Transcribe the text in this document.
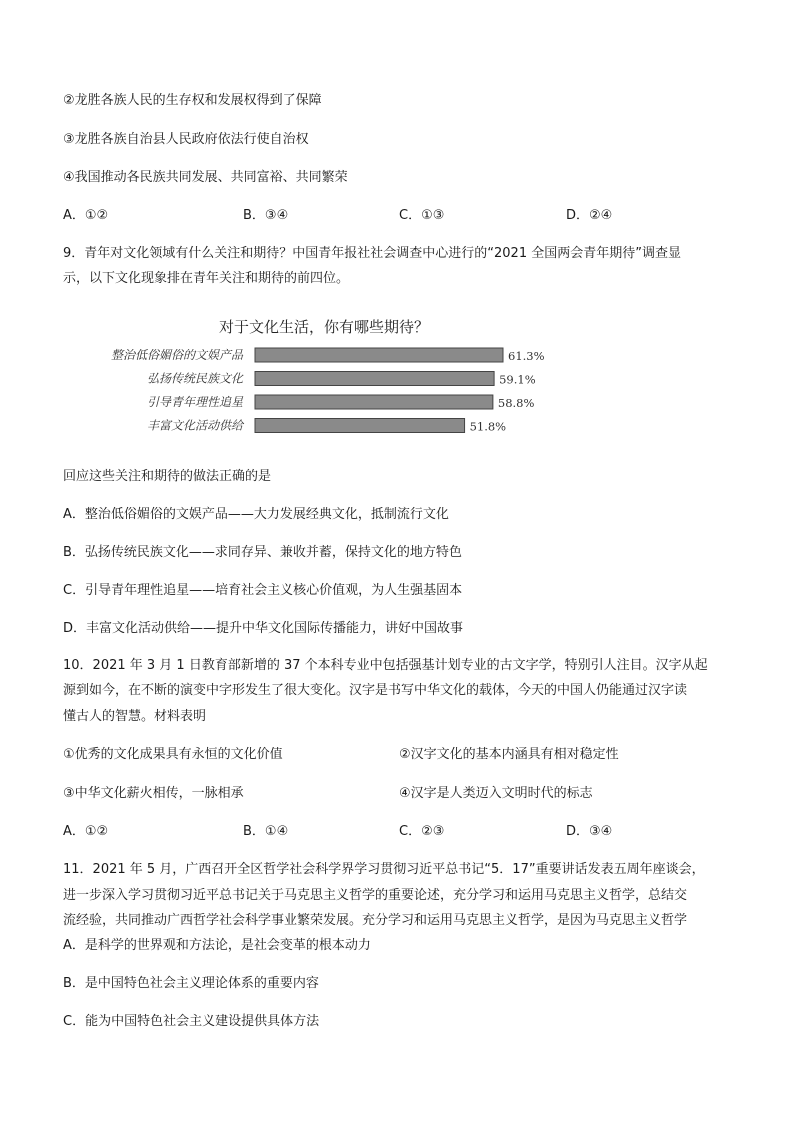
②龙胜各族人民的生存权和发展权得到了保障
③龙胜各族自治县人民政府依法行使自治权
④我国推动各民族共同发展、共同富裕、共同繁荣
A．①②	B．③④	C．①③	D．②④
9．青年对文化领域有什么关注和期待？中国青年报社社会调查中心进行的“2021 全国两会青年期待”调查显
示，以下文化现象排在青年关注和期待的前四位。
对于文化生活，你有哪些期待？
整治低俗媚俗的文娱产品	61.3%
弘扬传统民族文化	59.1%
引导青年理性追星	58.8%
丰富文化活动供给	51.8%
回应这些关注和期待的做法正确的是
A．整治低俗媚俗的文娱产品——大力发展经典文化，抵制流行文化
B．弘扬传统民族文化——求同存异、兼收并蓄，保持文化的地方特色
C．引导青年理性追星——培育社会主义核心价值观，为人生强基固本
D．丰富文化活动供给——提升中华文化国际传播能力，讲好中国故事
10．2021 年 3 月 1 日教育部新增的 37 个本科专业中包括强基计划专业的古文字学，特别引人注目。汉字从起
源到如今，在不断的演变中字形发生了很大变化。汉字是书写中华文化的载体，今天的中国人仍能通过汉字读
懂古人的智慧。材料表明
①优秀的文化成果具有永恒的文化价值	②汉字文化的基本内涵具有相对稳定性
③中华文化薪火相传，一脉相承	④汉字是人类迈入文明时代的标志
A．①②	B．①④	C．②③	D．③④
11．2021 年 5 月，广西召开全区哲学社会科学界学习贯彻习近平总书记“5．17”重要讲话发表五周年座谈会，
进一步深入学习贯彻习近平总书记关于马克思主义哲学的重要论述，充分学习和运用马克思主义哲学，总结交
流经验，共同推动广西哲学社会科学事业繁荣发展。充分学习和运用马克思主义哲学，是因为马克思主义哲学
A．是科学的世界观和方法论，是社会变革的根本动力
B．是中国特色社会主义理论体系的重要内容
C．能为中国特色社会主义建设提供具体方法
